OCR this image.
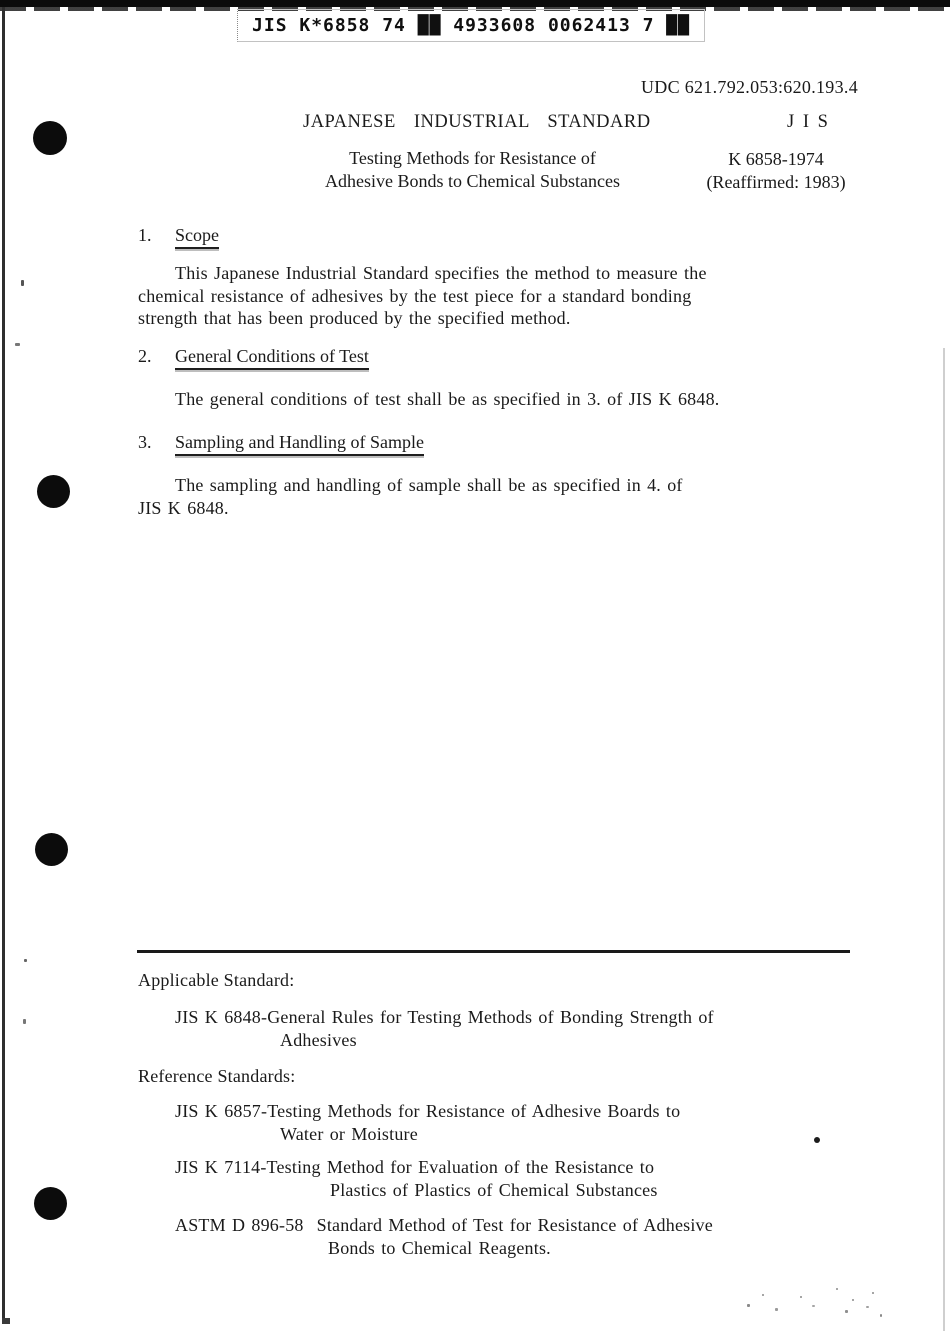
JIS K*6858 74 ██ 4933608 0062413 7 ██
UDC 621.792.053:620.193.4
JAPANESE INDUSTRIAL STANDARD	J I S
Testing Methods for Resistance of
Adhesive Bonds to Chemical Substances
K 6858-1974
(Reaffirmed: 1983)
1. Scope
This Japanese Industrial Standard specifies the method to measure the
chemical resistance of adhesives by the test piece for a standard bonding
strength that has been produced by the specified method.
2. General Conditions of Test
The general conditions of test shall be as specified in 3. of JIS K 6848.
3. Sampling and Handling of Sample
The sampling and handling of sample shall be as specified in 4. of
JIS K 6848.
Applicable Standard:
JIS K 6848-General Rules for Testing Methods of Bonding Strength of
Adhesives
Reference Standards:
JIS K 6857-Testing Methods for Resistance of Adhesive Boards to
Water or Moisture
JIS K 7114-Testing Method for Evaluation of the Resistance to
Plastics of Plastics of Chemical Substances
ASTM D 896-58 Standard Method of Test for Resistance of Adhesive
Bonds to Chemical Reagents.
